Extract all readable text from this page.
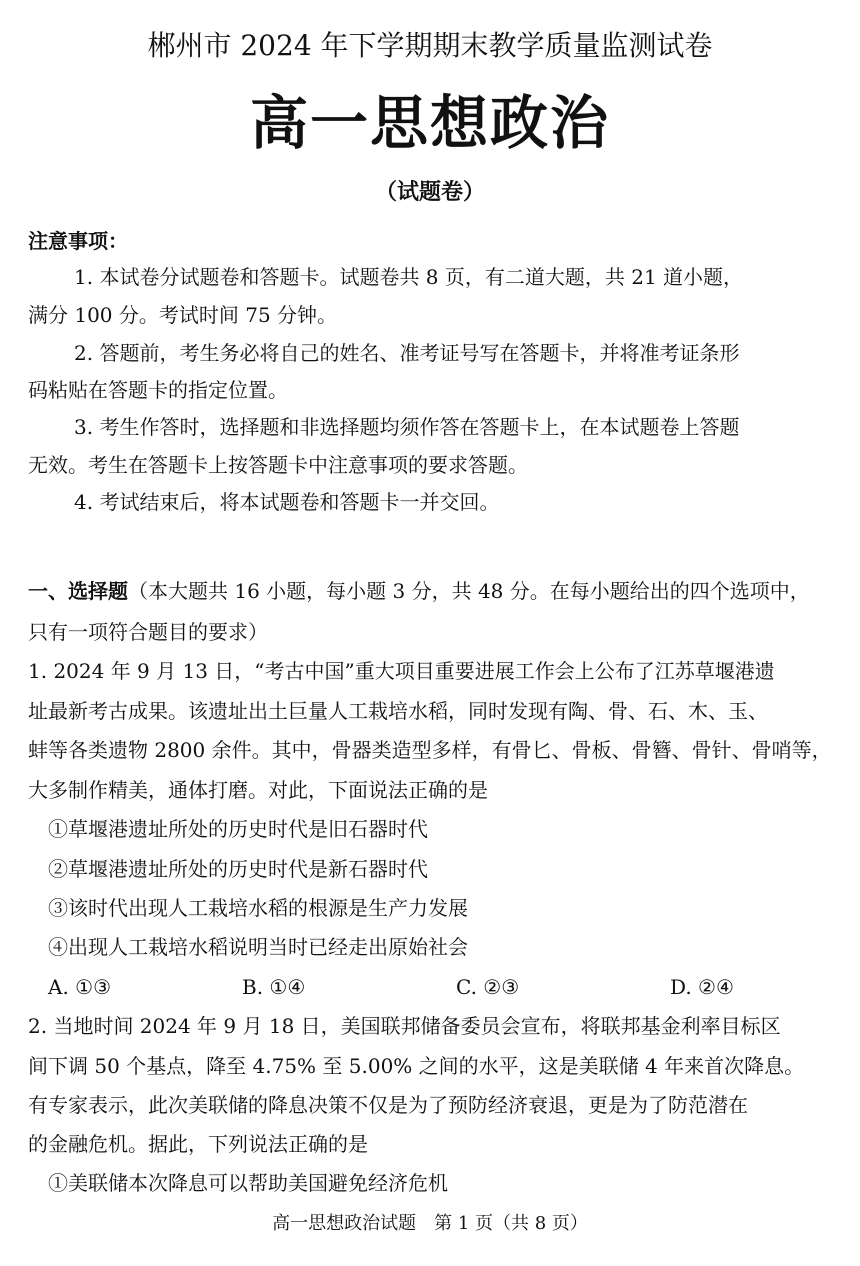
郴州市 2024 年下学期期末教学质量监测试卷
高一思想政治
（试题卷）
注意事项：
1. 本试卷分试题卷和答题卡。试题卷共 8 页，有二道大题，共 21 道小题，
满分 100 分。考试时间 75 分钟。
2. 答题前，考生务必将自己的姓名、准考证号写在答题卡，并将准考证条形
码粘贴在答题卡的指定位置。
3. 考生作答时，选择题和非选择题均须作答在答题卡上，在本试题卷上答题
无效。考生在答题卡上按答题卡中注意事项的要求答题。
4. 考试结束后，将本试题卷和答题卡一并交回。
一、选择题（本大题共 16 小题，每小题 3 分，共 48 分。在每小题给出的四个选项中，
只有一项符合题目的要求）
1. 2024 年 9 月 13 日，“考古中国”重大项目重要进展工作会上公布了江苏草堰港遗
址最新考古成果。该遗址出土巨量人工栽培水稻，同时发现有陶、骨、石、木、玉、
蚌等各类遗物 2800 余件。其中，骨器类造型多样，有骨匕、骨板、骨簪、骨针、骨哨等，
大多制作精美，通体打磨。对此，下面说法正确的是
①草堰港遗址所处的历史时代是旧石器时代
②草堰港遗址所处的历史时代是新石器时代
③该时代出现人工栽培水稻的根源是生产力发展
④出现人工栽培水稻说明当时已经走出原始社会
A. ①③	B. ①④	C. ②③	D. ②④
2. 当地时间 2024 年 9 月 18 日，美国联邦储备委员会宣布，将联邦基金利率目标区
间下调 50 个基点，降至 4.75% 至 5.00% 之间的水平，这是美联储 4 年来首次降息。
有专家表示，此次美联储的降息决策不仅是为了预防经济衰退，更是为了防范潜在
的金融危机。据此，下列说法正确的是
①美联储本次降息可以帮助美国避免经济危机
高一思想政治试题　第 1 页（共 8 页）
